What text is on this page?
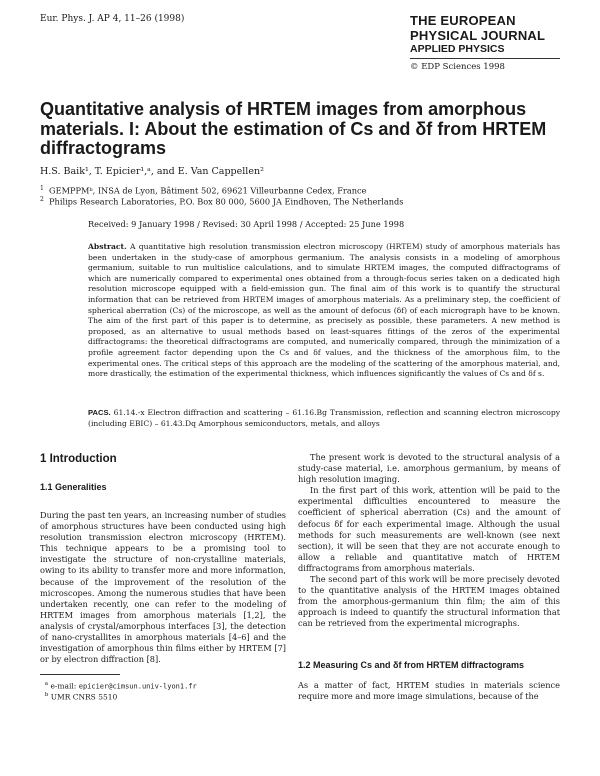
Eur. Phys. J. AP 4, 11–26 (1998)	THE EUROPEAN
PHYSICAL JOURNAL
APPLIED PHYSICS
© EDP Sciences 1998
Quantitative analysis of HRTEM images from amorphous materials. I: About the estimation of Cs and δf from HRTEM diffractograms
H.S. Baik¹, T. Epicier¹,ᵃ, and E. Van Cappellen²
$^1$ GEMPPMᵇ, INSA de Lyon, Bâtiment 502, 69621 Villeurbanne Cedex, France
$^2$ Philips Research Laboratories, P.O. Box 80 000, 5600 JA Eindhoven, The Netherlands
Received: 9 January 1998 / Revised: 30 April 1998 / Accepted: 25 June 1998
Abstract. A quantitative high resolution transmission electron microscopy (HRTEM) study of amorphous materials has been undertaken in the study-case of amorphous germanium. The analysis consists in a modeling of amorphous germanium, suitable to run multislice calculations, and to simulate HRTEM images, the computed diffractograms of which are numerically compared to experimental ones obtained from a through-focus series taken on a dedicated high resolution microscope equipped with a field-emission gun. The final aim of this work is to quantify the structural information that can be retrieved from HRTEM images of amorphous materials. As a preliminary step, the coefficient of spherical aberration (Cs) of the microscope, as well as the amount of defocus (δf) of each micrograph have to be known. The aim of the first part of this paper is to determine, as precisely as possible, these parameters. A new method is proposed, as an alternative to usual methods based on least-squares fittings of the zeros of the experimental diffractograms: the theoretical diffractograms are computed, and numerically compared, through the minimization of a profile agreement factor depending upon the Cs and δf values, and the thickness of the amorphous film, to the experimental ones. The critical steps of this approach are the modeling of the scattering of the amorphous material, and, more drastically, the estimation of the experimental thickness, which influences significantly the values of Cs and δf s.
PACS. 61.14.-x Electron diffraction and scattering – 61.16.Bg Transmission, reflection and scanning electron microscopy (including EBIC) – 61.43.Dq Amorphous semiconductors, metals, and alloys
1 Introduction
1.1 Generalities

During the past ten years, an increasing number of studies of amorphous structures have been conducted using high resolution transmission electron microscopy (HRTEM). This technique appears to be a promising tool to investigate the structure of non-crystalline materials, owing to its ability to transfer more and more information, because of the improvement of the resolution of the microscopes. Among the numerous studies that have been undertaken recently, one can refer to the modeling of HRTEM images from amorphous materials [1,2], the analysis of crystal/amorphous interfaces [3], the detection of nano-crystallites in amorphous materials [4–6] and the investigation of amorphous thin films either by HRTEM [7] or by electron diffraction [8].

$^a$ e-mail: epicier@cimsun.univ-lyon1.fr
$^b$ UMR CNRS 5510

The present work is devoted to the structural analysis of a study-case material, i.e. amorphous germanium, by means of high resolution imaging.

In the first part of this work, attention will be paid to the experimental difficulties encountered to measure the coefficient of spherical aberration (Cs) and the amount of defocus δf for each experimental image. Although the usual methods for such measurements are well-known (see next section), it will be seen that they are not accurate enough to allow a reliable and quantitative match of HRTEM diffractograms from amorphous materials.

The second part of this work will be more precisely devoted to the quantitative analysis of the HRTEM images obtained from the amorphous-germanium thin film; the aim of this approach is indeed to quantify the structural information that can be retrieved from the experimental micrographs.

1.2 Measuring Cs and δf from HRTEM diffractograms

As a matter of fact, HRTEM studies in materials science require more and more image simulations, because of the
